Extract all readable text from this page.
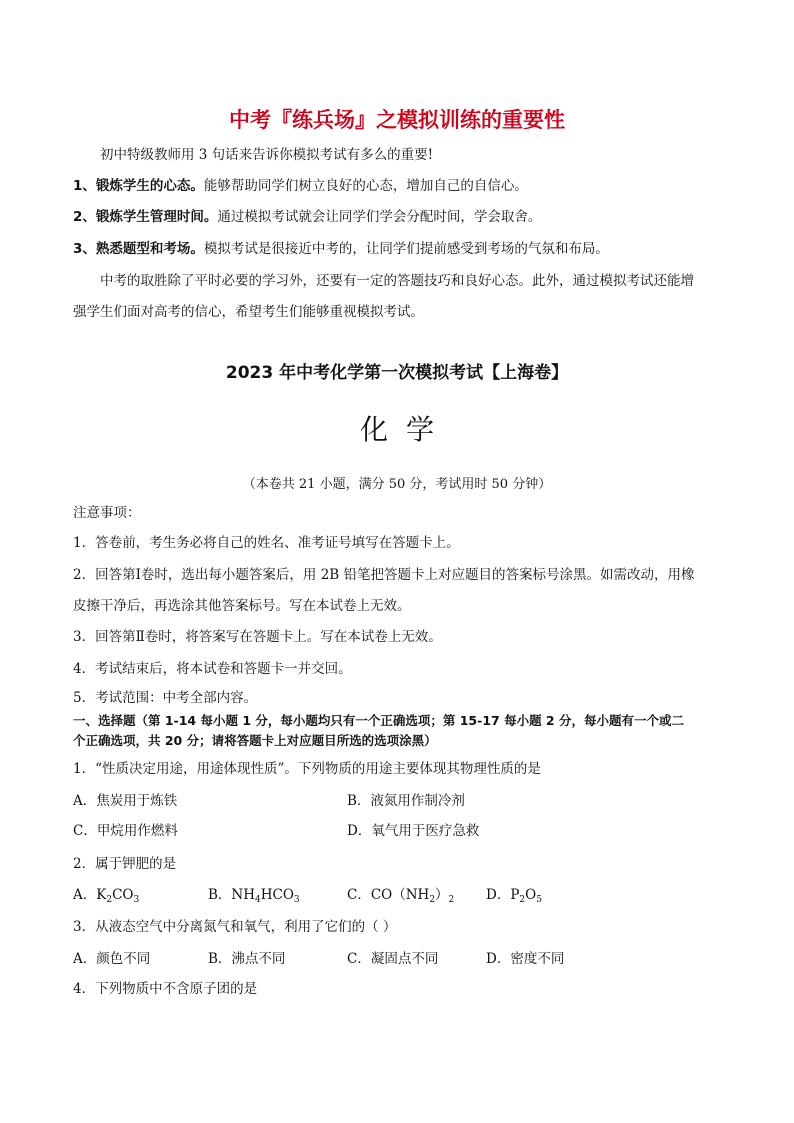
中考『练兵场』之模拟训练的重要性
初中特级教师用 3 句话来告诉你模拟考试有多么的重要!
1、锻炼学生的心态。能够帮助同学们树立良好的心态，增加自己的自信心。
2、锻炼学生管理时间。通过模拟考试就会让同学们学会分配时间，学会取舍。
3、熟悉题型和考场。模拟考试是很接近中考的，让同学们提前感受到考场的气氛和布局。
中考的取胜除了平时必要的学习外，还要有一定的答题技巧和良好心态。此外，通过模拟考试还能增
强学生们面对高考的信心，希望考生们能够重视模拟考试。
2023 年中考化学第一次模拟考试【上海卷】
化学
（本卷共 21 小题，满分 50 分，考试用时 50 分钟）
注意事项：
1．答卷前，考生务必将自己的姓名、准考证号填写在答题卡上。
2．回答第Ⅰ卷时，选出每小题答案后，用 2B 铅笔把答题卡上对应题目的答案标号涂黑。如需改动，用橡
皮擦干净后，再选涂其他答案标号。写在本试卷上无效。
3．回答第Ⅱ卷时，将答案写在答题卡上。写在本试卷上无效。
4．考试结束后，将本试卷和答题卡一并交回。
5．考试范围：中考全部内容。
一、选择题（第 1-14 每小题 1 分，每小题均只有一个正确选项；第 15-17 每小题 2 分，每小题有一个或二
个正确选项，共 20 分；请将答题卡上对应题目所选的选项涂黑）
1．“性质决定用途，用途体现性质”。下列物质的用途主要体现其物理性质的是
A．焦炭用于炼铁	B．液氮用作制冷剂
C．甲烷用作燃料	D．氧气用于医疗急救
2．属于钾肥的是
A．$K_2CO_3$	B．$NH_4HCO_3$	C．$CO(NH_2)_2$ D．$P_2O_5$
3．从液态空气中分离氮气和氧气，利用了它们的（ ）
A．颜色不同	B．沸点不同	C．凝固点不同	D．密度不同
4．下列物质中不含原子团的是
